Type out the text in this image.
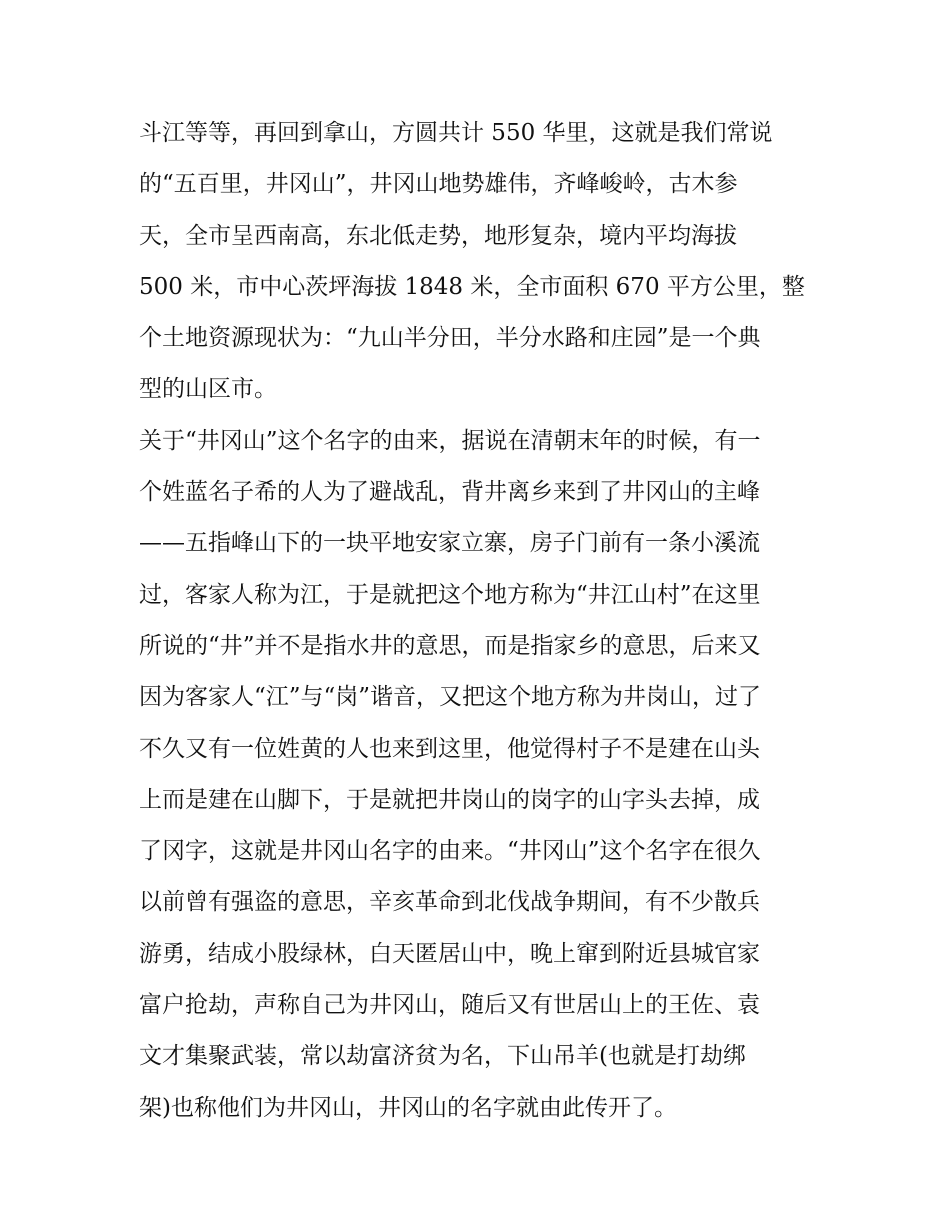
斗江等等，再回到拿山，方圆共计 550 华里，这就是我们常说
的“五百里，井冈山”，井冈山地势雄伟，齐峰峻岭，古木参
天，全市呈西南高，东北低走势，地形复杂，境内平均海拔
500 米，市中心茨坪海拔 1848 米，全市面积 670 平方公里，整
个土地资源现状为：“九山半分田，半分水路和庄园”是一个典
型的山区市。
关于“井冈山”这个名字的由来，据说在清朝末年的时候，有一
个姓蓝名子希的人为了避战乱，背井离乡来到了井冈山的主峰
——五指峰山下的一块平地安家立寨，房子门前有一条小溪流
过，客家人称为江，于是就把这个地方称为“井江山村”在这里
所说的“井”并不是指水井的意思，而是指家乡的意思，后来又
因为客家人“江”与“岗”谐音，又把这个地方称为井岗山，过了
不久又有一位姓黄的人也来到这里，他觉得村子不是建在山头
上而是建在山脚下，于是就把井岗山的岗字的山字头去掉，成
了冈字，这就是井冈山名字的由来。“井冈山”这个名字在很久
以前曾有强盗的意思，辛亥革命到北伐战争期间，有不少散兵
游勇，结成小股绿林，白天匿居山中，晚上窜到附近县城官家
富户抢劫，声称自己为井冈山，随后又有世居山上的王佐、袁
文才集聚武装，常以劫富济贫为名，下山吊羊(也就是打劫绑
架)也称他们为井冈山，井冈山的名字就由此传开了。
